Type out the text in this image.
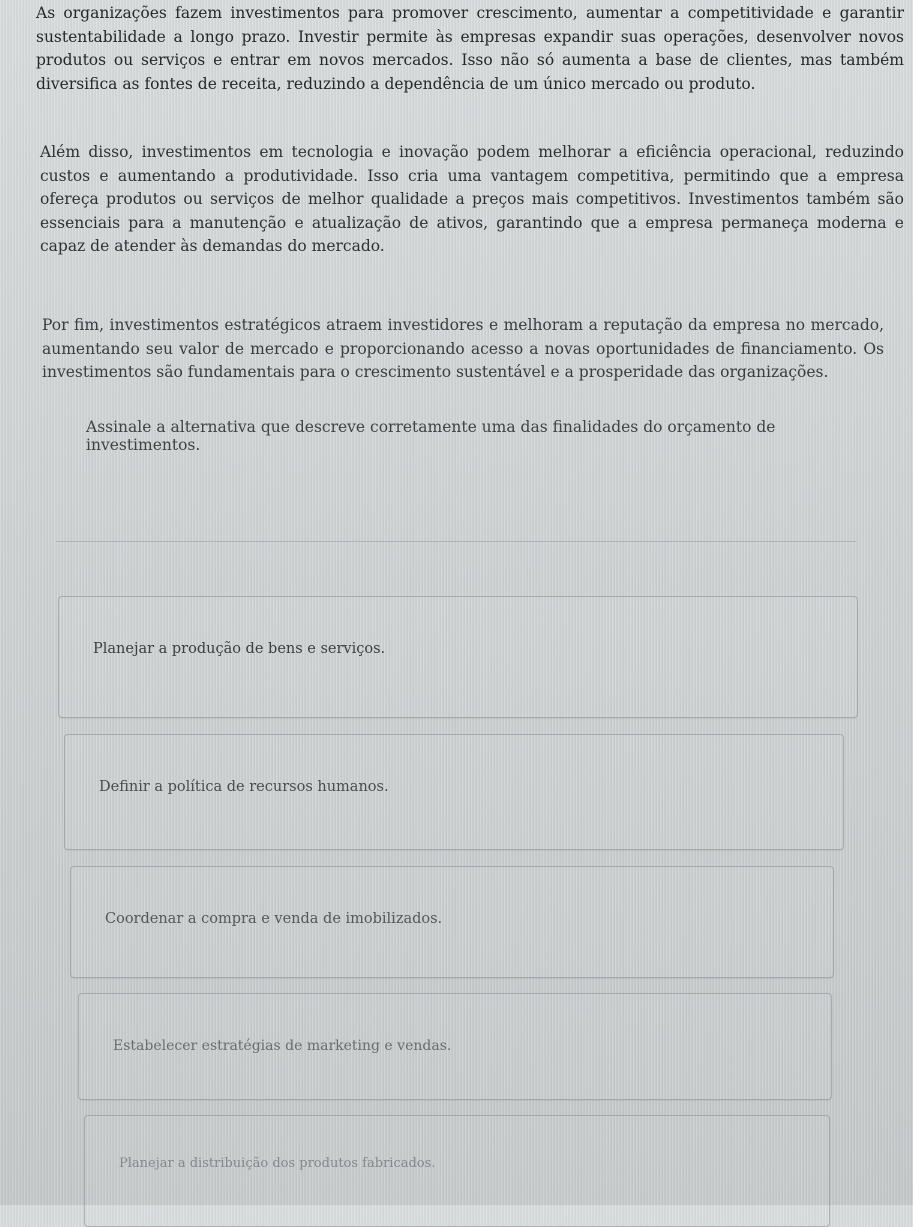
As organizações fazem investimentos para promover crescimento, aumentar a competitividade e garantir sustentabilidade a longo prazo. Investir permite às empresas expandir suas operações, desenvolver novos produtos ou serviços e entrar em novos mercados. Isso não só aumenta a base de clientes, mas também diversifica as fontes de receita, reduzindo a dependência de um único mercado ou produto.

Além disso, investimentos em tecnologia e inovação podem melhorar a eficiência operacional, reduzindo custos e aumentando a produtividade. Isso cria uma vantagem competitiva, permitindo que a empresa ofereça produtos ou serviços de melhor qualidade a preços mais competitivos. Investimentos também são essenciais para a manutenção e atualização de ativos, garantindo que a empresa permaneça moderna e capaz de atender às demandas do mercado.

Por fim, investimentos estratégicos atraem investidores e melhoram a reputação da empresa no mercado, aumentando seu valor de mercado e proporcionando acesso a novas oportunidades de financiamento. Os investimentos são fundamentais para o crescimento sustentável e a prosperidade das organizações.

Assinale a alternativa que descreve corretamente uma das finalidades do orçamento de investimentos.

Planejar a produção de bens e serviços.
Definir a política de recursos humanos.
Coordenar a compra e venda de imobilizados.
Estabelecer estratégias de marketing e vendas.
Planejar a distribuição dos produtos fabricados.
